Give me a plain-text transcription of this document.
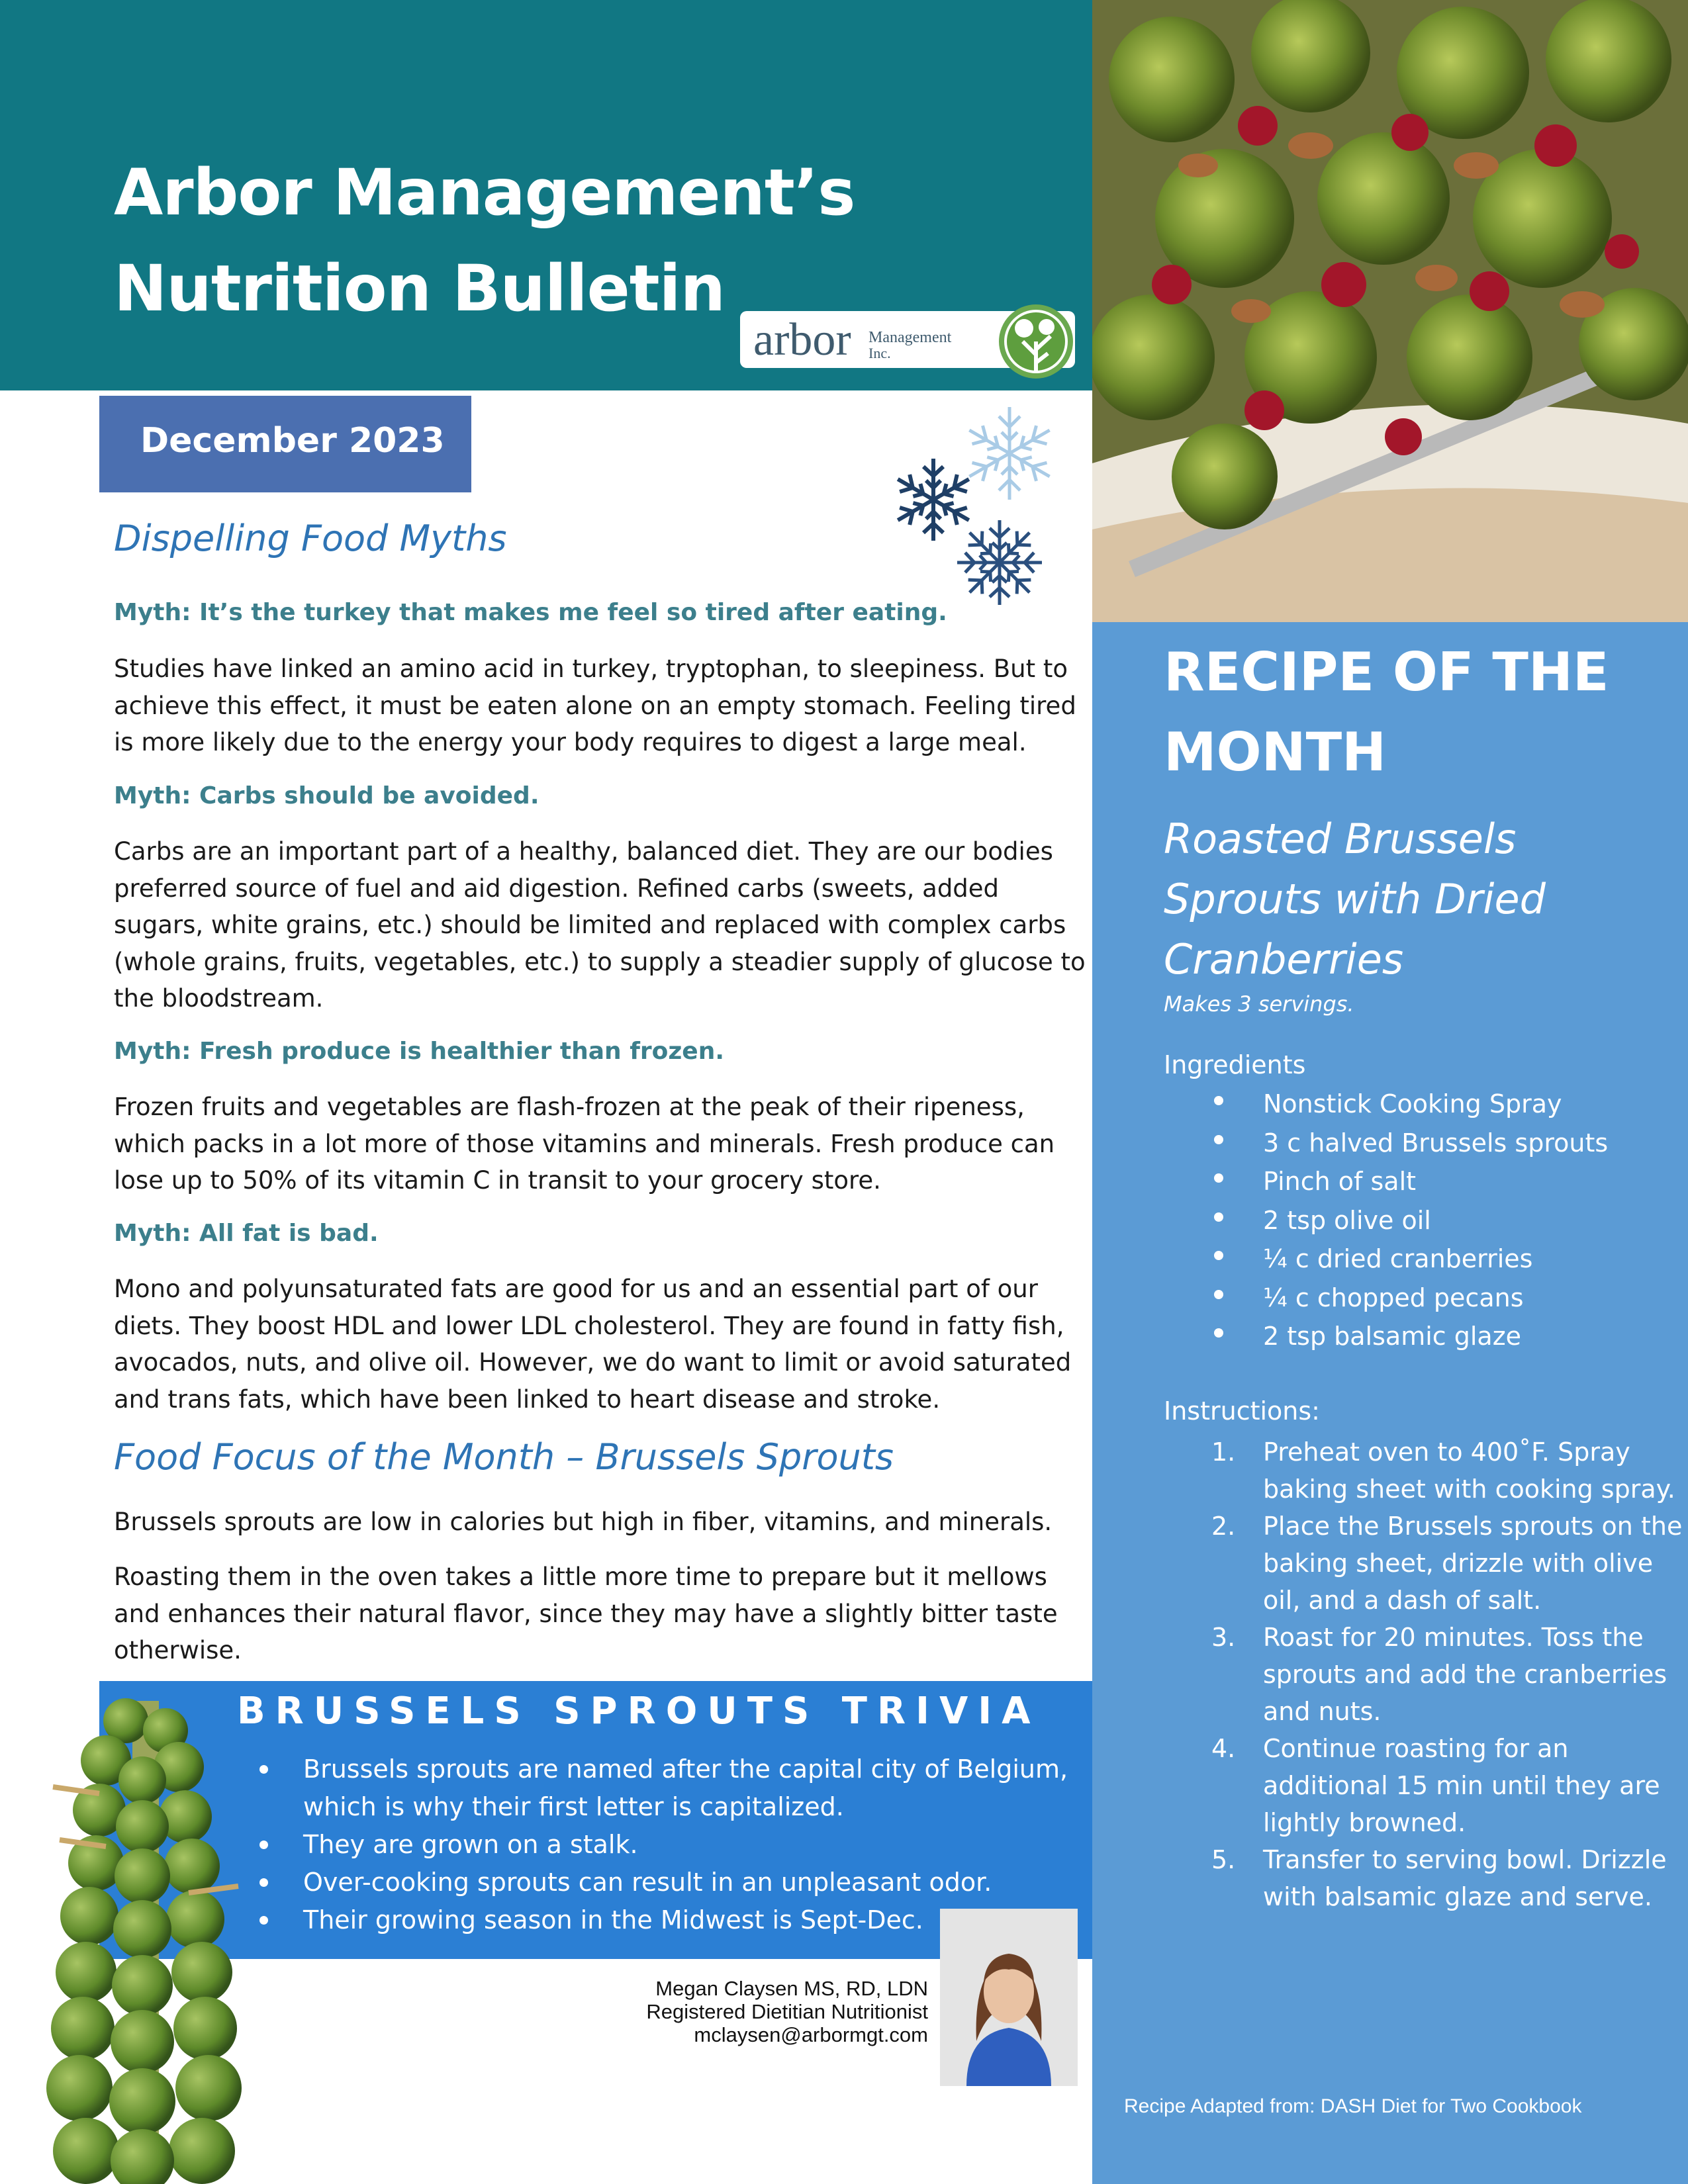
Arbor Management’s
Nutrition Bulletin
arbor Management
Inc.
RECIPE OF THE MONTH
Roasted Brussels Sprouts with Dried Cranberries
Makes 3 servings.
Ingredients
Nonstick Cooking Spray
3 c halved Brussels sprouts
Pinch of salt
2 tsp olive oil
¼ c dried cranberries
¼ c chopped pecans
2 tsp balsamic glaze
Instructions:
1. Preheat oven to 400˚F. Spray baking sheet with cooking spray.
2. Place the Brussels sprouts on the baking sheet, drizzle with olive oil, and a dash of salt.
3. Roast for 20 minutes. Toss the sprouts and add the cranberries and nuts.
4. Continue roasting for an additional 15 min until they are lightly browned.
5. Transfer to serving bowl. Drizzle with balsamic glaze and serve.
Recipe Adapted from: DASH Diet for Two Cookbook
December 2023
Dispelling Food Myths
Myth: It’s the turkey that makes me feel so tired after eating.
Studies have linked an amino acid in turkey, tryptophan, to sleepiness. But to achieve this effect, it must be eaten alone on an empty stomach. Feeling tired is more likely due to the energy your body requires to digest a large meal.
Myth: Carbs should be avoided.
Carbs are an important part of a healthy, balanced diet. They are our bodies preferred source of fuel and aid digestion. Refined carbs (sweets, added sugars, white grains, etc.) should be limited and replaced with complex carbs (whole grains, fruits, vegetables, etc.) to supply a steadier supply of glucose to the bloodstream.
Myth: Fresh produce is healthier than frozen.
Frozen fruits and vegetables are flash-frozen at the peak of their ripeness, which packs in a lot more of those vitamins and minerals. Fresh produce can lose up to 50% of its vitamin C in transit to your grocery store.
Myth: All fat is bad.
Mono and polyunsaturated fats are good for us and an essential part of our diets. They boost HDL and lower LDL cholesterol. They are found in fatty fish, avocados, nuts, and olive oil. However, we do want to limit or avoid saturated and trans fats, which have been linked to heart disease and stroke.
Food Focus of the Month – Brussels Sprouts
Brussels sprouts are low in calories but high in fiber, vitamins, and minerals.
Roasting them in the oven takes a little more time to prepare but it mellows and enhances their natural flavor, since they may have a slightly bitter taste otherwise.
BRUSSELS SPROUTS TRIVIA
Brussels sprouts are named after the capital city of Belgium, which is why their first letter is capitalized.
They are grown on a stalk.
Over-cooking sprouts can result in an unpleasant odor.
Their growing season in the Midwest is Sept-Dec.
Megan Claysen MS, RD, LDN
Registered Dietitian Nutritionist
mclaysen@arbormgt.com
